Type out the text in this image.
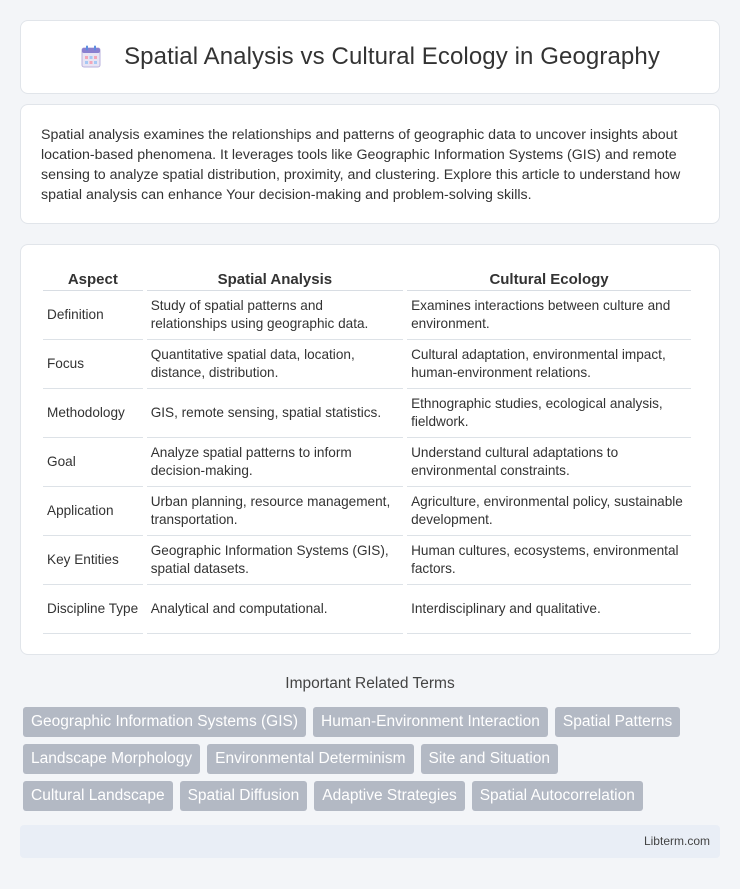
Spatial Analysis vs Cultural Ecology in Geography

Spatial analysis examines the relationships and patterns of geographic data to uncover insights about location-based phenomena. It leverages tools like Geographic Information Systems (GIS) and remote sensing to analyze spatial distribution, proximity, and clustering. Explore this article to understand how spatial analysis can enhance Your decision-making and problem-solving skills.

Aspect	Spatial Analysis	Cultural Ecology
Definition	Study of spatial patterns and relationships using geographic data.	Examines interactions between culture and environment.
Focus	Quantitative spatial data, location, distance, distribution.	Cultural adaptation, environmental impact, human-environment relations.
Methodology	GIS, remote sensing, spatial statistics.	Ethnographic studies, ecological analysis, fieldwork.
Goal	Analyze spatial patterns to inform decision-making.	Understand cultural adaptations to environmental constraints.
Application	Urban planning, resource management, transportation.	Agriculture, environmental policy, sustainable development.
Key Entities	Geographic Information Systems (GIS), spatial datasets.	Human cultures, ecosystems, environmental factors.
Discipline Type	Analytical and computational.	Interdisciplinary and qualitative.
Important Related Terms
Geographic Information Systems (GIS)	Human-Environment Interaction	Spatial Patterns
Landscape Morphology	Environmental Determinism	Site and Situation
Cultural Landscape	Spatial Diffusion	Adaptive Strategies	Spatial Autocorrelation
Libterm.com
